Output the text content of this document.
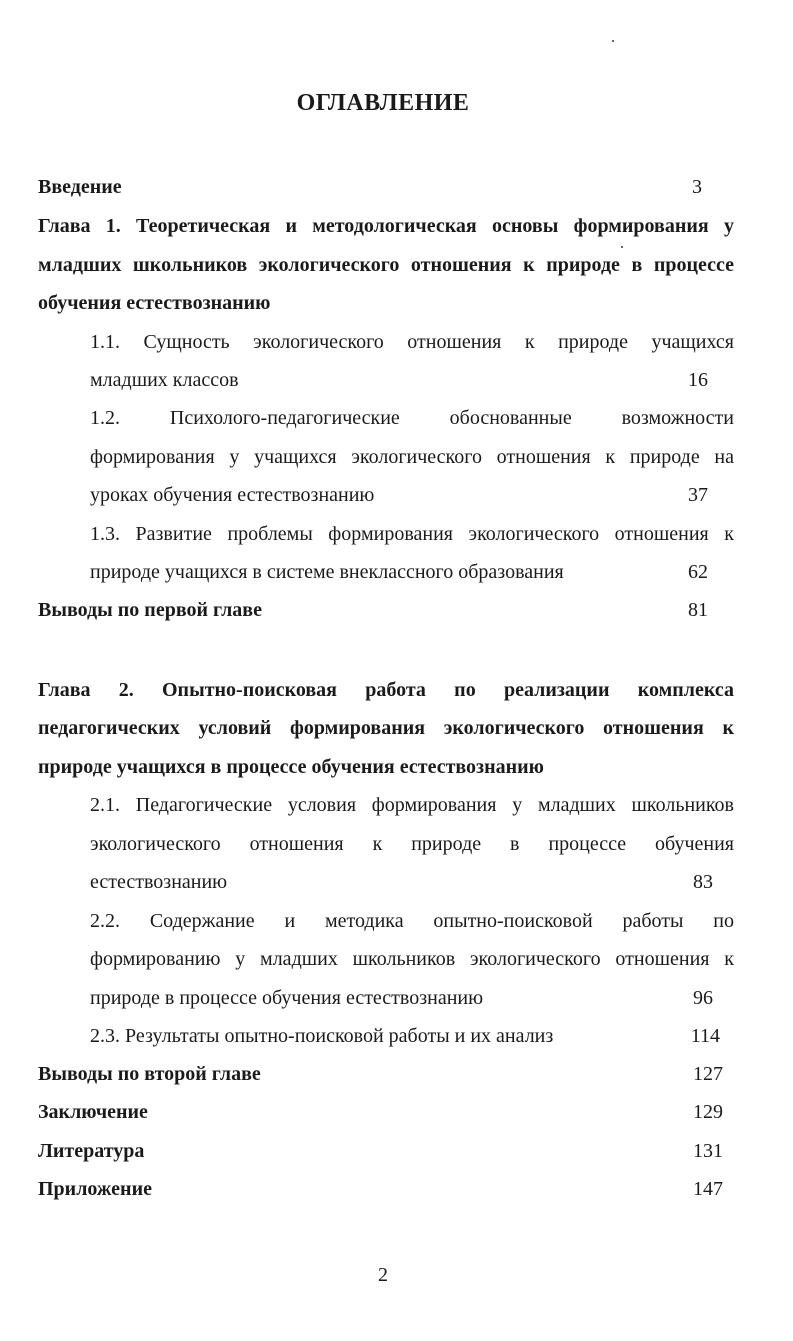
ОГЛАВЛЕНИЕ
Введение	3
Глава 1. Теоретическая и методологическая основы формирования у
младших школьников экологического отношения к природе в процессе
обучения естествознанию
1.1. Сущность экологического отношения к природе учащихся
младших классов	16
1.2. Психолого-педагогические обоснованные возможности
формирования у учащихся экологического отношения к природе на
уроках обучения естествознанию	37
1.3. Развитие проблемы формирования экологического отношения к
природе учащихся в системе внеклассного образования	62
Выводы по первой главе	81
Глава 2. Опытно-поисковая работа по реализации комплекса
педагогических условий формирования экологического отношения к
природе учащихся в процессе обучения естествознанию
2.1. Педагогические условия формирования у младших школьников
экологического отношения к природе в процессе обучения
естествознанию	83
2.2. Содержание и методика опытно-поисковой работы по
формированию у младших школьников экологического отношения к
природе в процессе обучения естествознанию	96
2.3. Результаты опытно-поисковой работы и их анализ	114
Выводы по второй главе	127
Заключение	129
Литература	131
Приложение	147
2
